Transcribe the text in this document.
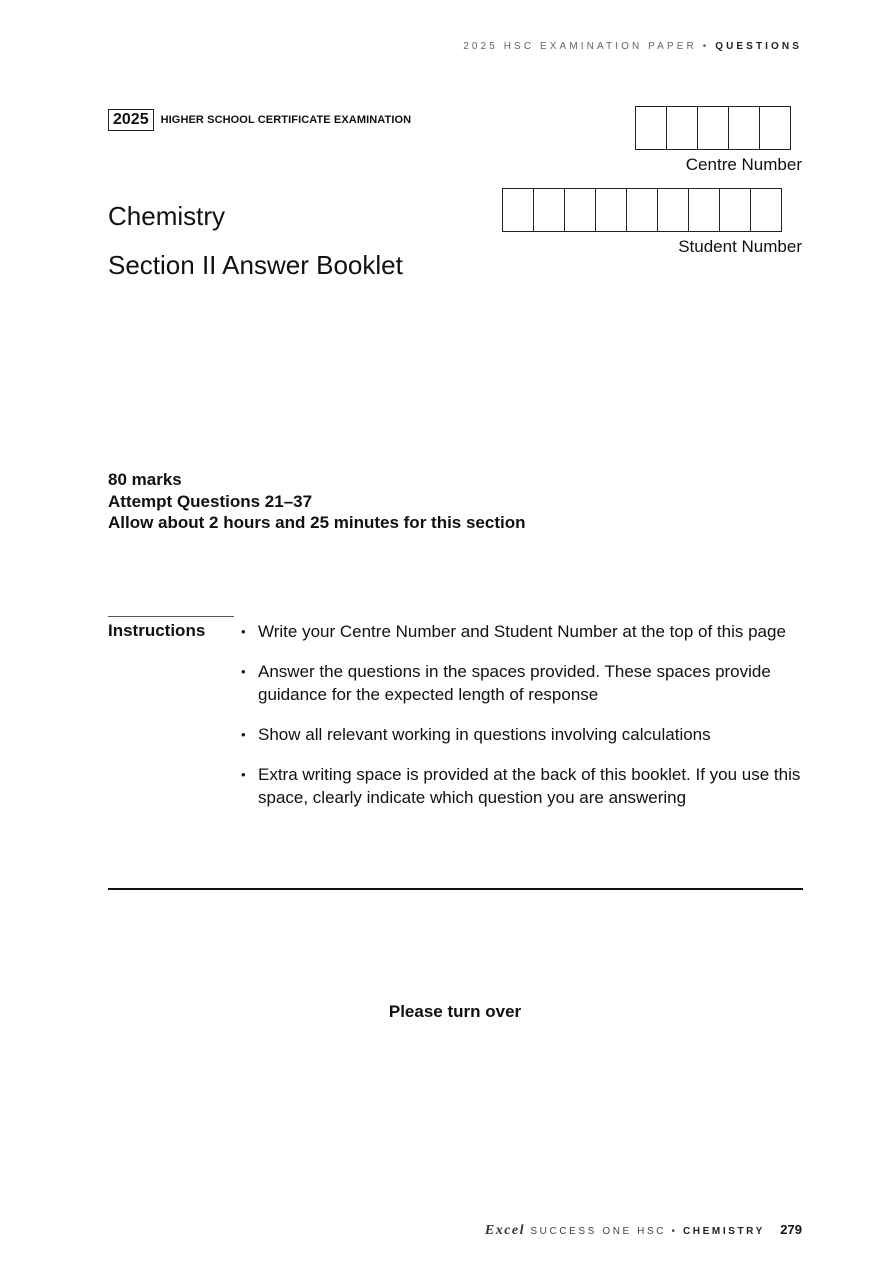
2025 HSC EXAMINATION PAPER • QUESTIONS
2025	HIGHER SCHOOL CERTIFICATE EXAMINATION
Centre Number
Student Number
Chemistry
Section II Answer Booklet
80 marks
Attempt Questions 21–37
Allow about 2 hours and 25 minutes for this section
Instructions	• Write your Centre Number and Student Number at the top of this page
• Answer the questions in the spaces provided. These spaces provide guidance for the expected length of response
• Show all relevant working in questions involving calculations
• Extra writing space is provided at the back of this booklet. If you use this space, clearly indicate which question you are answering
Please turn over
Excel SUCCESS ONE HSC • CHEMISTRY 279
